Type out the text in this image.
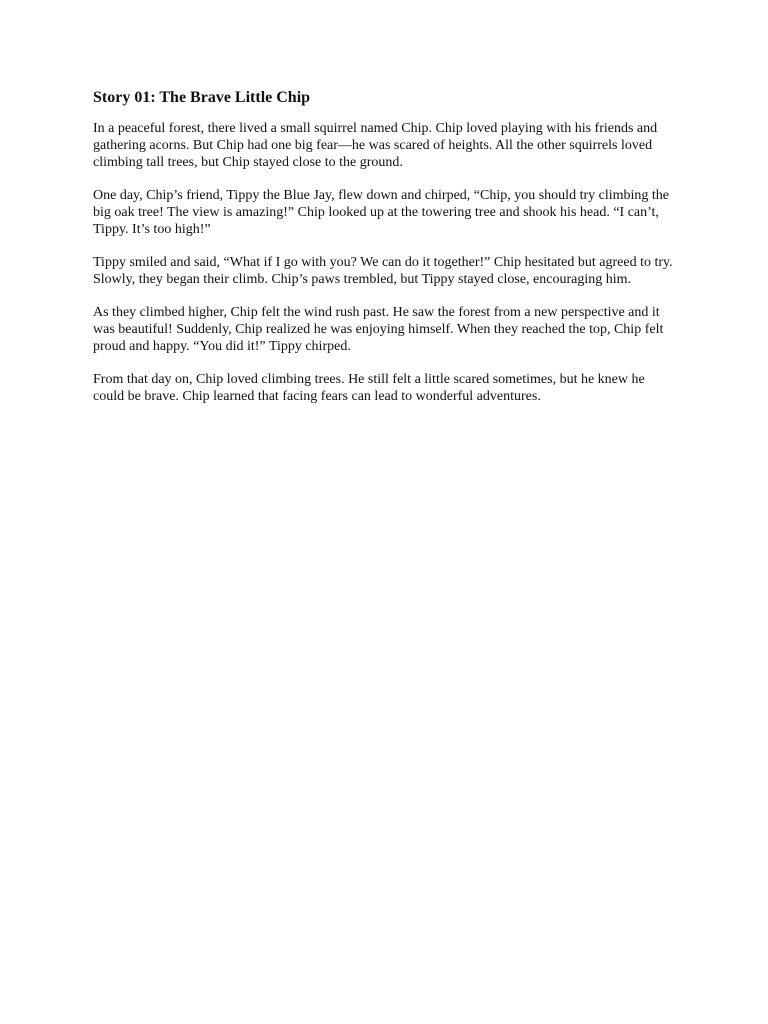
Story 01: The Brave Little Chip

In a peaceful forest, there lived a small squirrel named Chip. Chip loved playing with his friends and gathering acorns. But Chip had one big fear—he was scared of heights. All the other squirrels loved climbing tall trees, but Chip stayed close to the ground.

One day, Chip’s friend, Tippy the Blue Jay, flew down and chirped, “Chip, you should try climbing the big oak tree! The view is amazing!” Chip looked up at the towering tree and shook his head. “I can’t, Tippy. It’s too high!”

Tippy smiled and said, “What if I go with you? We can do it together!” Chip hesitated but agreed to try. Slowly, they began their climb. Chip’s paws trembled, but Tippy stayed close, encouraging him.

As they climbed higher, Chip felt the wind rush past. He saw the forest from a new perspective and it was beautiful! Suddenly, Chip realized he was enjoying himself. When they reached the top, Chip felt proud and happy. “You did it!” Tippy chirped.

From that day on, Chip loved climbing trees. He still felt a little scared sometimes, but he knew he could be brave. Chip learned that facing fears can lead to wonderful adventures.
